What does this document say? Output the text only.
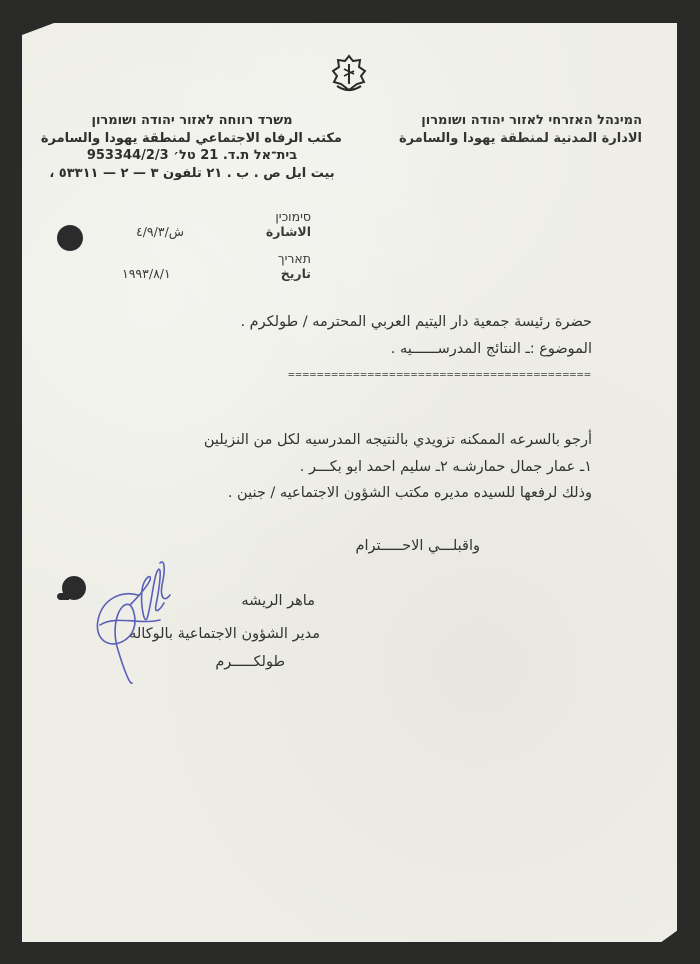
המינהל האזרחי לאזור יהודה ושומרון
الادارة المدنية لمنطقة يهودا والسامرة
משרד רווחה לאזור יהודה ושומרון
مكتب الرفاه الاجتماعي لمنطقة يهودا والسامرة
בית־אל ת.ד. 21 טל׳ 953344/2/3
بيت ايل ص . ب . ٢١ تلفون ٣ — ٢ — ٥٣٣١١ ،
סימוכין
الاشارة
ش/٤/٩/٣
תאריך
تاريخ
١٩٩٣/٨/١
حضرة رئيسة جمعية دار اليتيم العربي المحترمه / طولكرم .
الموضوع :ـ النتائج المدرسـ‍ـــــيه .
==========================================
أرجو بالسرعه الممكنه تزويدي بالنتيجه المدرسيه لكل من النزيلين
١ـ عمار جمال حمارشـه ٢ـ سليم احمد ابو بكـــر .
وذلك لرفعها للسيده مديره مكتب الشؤون الاجتماعيه / جنين .
واقبلـــي الاحـــــترام
ماهر الريشه
مدير الشؤون الاجتماعية بالوكاله
طولكـــــرم
